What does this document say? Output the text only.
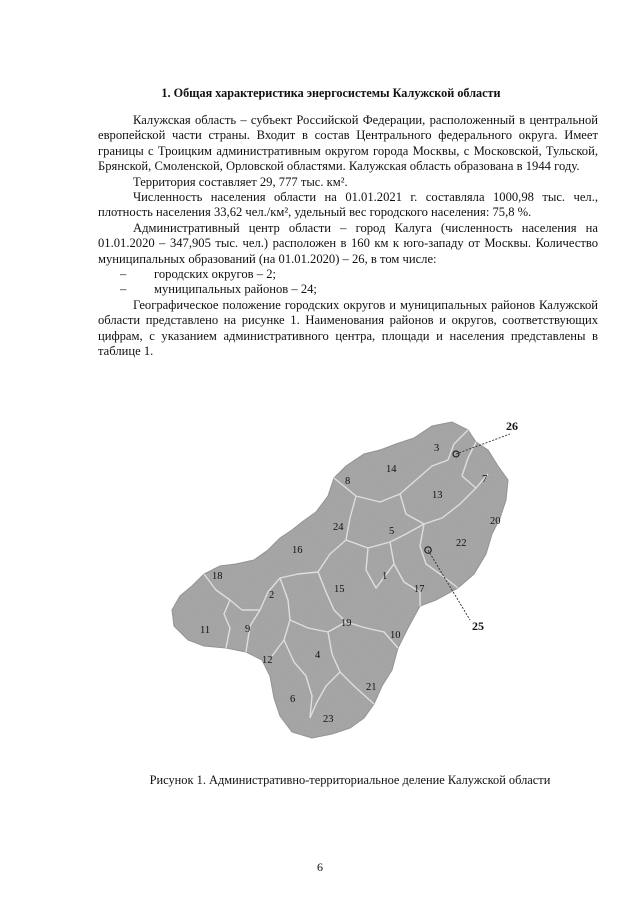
1. Общая характеристика энергосистемы Калужской области

Калужская область – субъект Российской Федерации, расположенный в центральной европейской части страны. Входит в состав Центрального федерального округа. Имеет границы с Троицким административным округом города Москвы, с Московской, Тульской, Брянской, Смоленской, Орловской областями. Калужская область образована в 1944 году.

Территория составляет 29, 777 тыс. км².

Численность населения области на 01.01.2021 г. составляла 1000,98 тыс. чел., плотность населения 33,62 чел./км², удельный вес городского населения: 75,8 %.

Административный центр области – город Калуга (численность населения на 01.01.2020 – 347,905 тыс. чел.) расположен в 160 км к юго-западу от Москвы. Количество муниципальных образований (на 01.01.2020) – 26, в том числе:

– городских округов – 2;

– муниципальных районов – 24;

Географическое положение городских округов и муниципальных районов Калужской области представлено на рисунке 1. Наименования районов и округов, соответствующих цифрам, с указанием административного центра, площади и населения представлены в таблице 1.

1
2
3
4
5
6
7
8
9
10
11
12
13
14
15
16
17
18
19
20
21
22
23
24
25
26
Рисунок 1. Административно-территориальное деление Калужской области
6
